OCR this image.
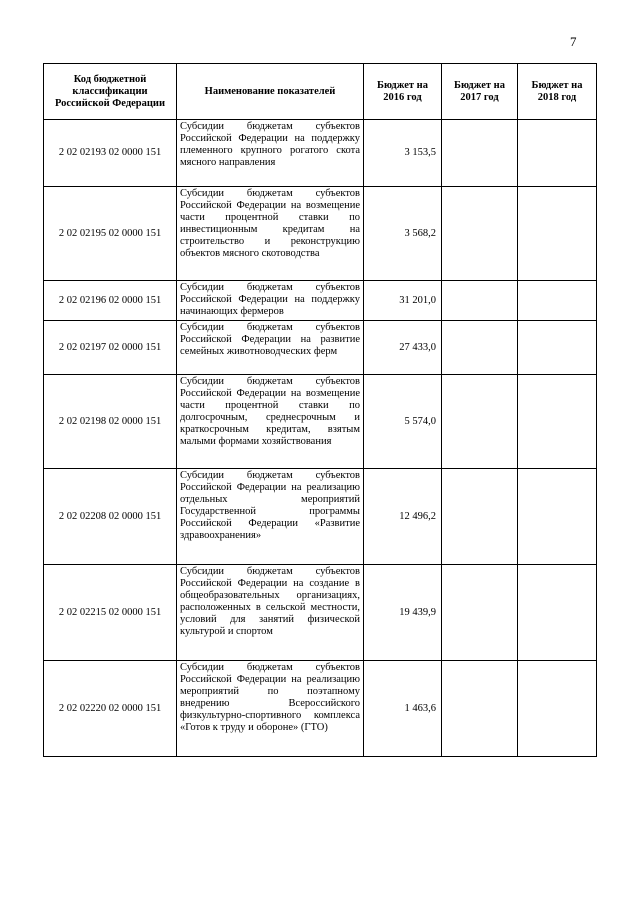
7
Код бюджетной классификации Российской Федерации	Наименование показателей	Бюджет на 2016 год	Бюджет на 2017 год	Бюджет на 2018 год
2 02 02193 02 0000 151	Субсидии бюджетам субъектов Российской Федерации на поддержку племенного крупного рогатого скота мясного направления	3 153,5		
2 02 02195 02 0000 151	Субсидии бюджетам субъектов Российской Федерации на возмещение части процентной ставки по инвестиционным кредитам на строительство и реконструкцию объектов мясного скотоводства	3 568,2		
2 02 02196 02 0000 151	Субсидии бюджетам субъектов Российской Федерации на поддержку начинающих фермеров	31 201,0		
2 02 02197 02 0000 151	Субсидии бюджетам субъектов Российской Федерации на развитие семейных животноводческих ферм	27 433,0		
2 02 02198 02 0000 151	Субсидии бюджетам субъектов Российской Федерации на возмещение части процентной ставки по долгосрочным, среднесрочным и краткосрочным кредитам, взятым малыми формами хозяйствования	5 574,0		
2 02 02208 02 0000 151	Субсидии бюджетам субъектов Российской Федерации на реализацию отдельных мероприятий Государственной программы Российской Федерации «Развитие здравоохранения»	12 496,2		
2 02 02215 02 0000 151	Субсидии бюджетам субъектов Российской Федерации на создание в общеобразовательных организациях, расположенных в сельской местности, условий для занятий физической культурой и спортом	19 439,9		
2 02 02220 02 0000 151	Субсидии бюджетам субъектов Российской Федерации на реализацию мероприятий по поэтапному внедрению Всероссийского физкультурно-спортивного комплекса «Готов к труду и обороне» (ГТО)	1 463,6		
